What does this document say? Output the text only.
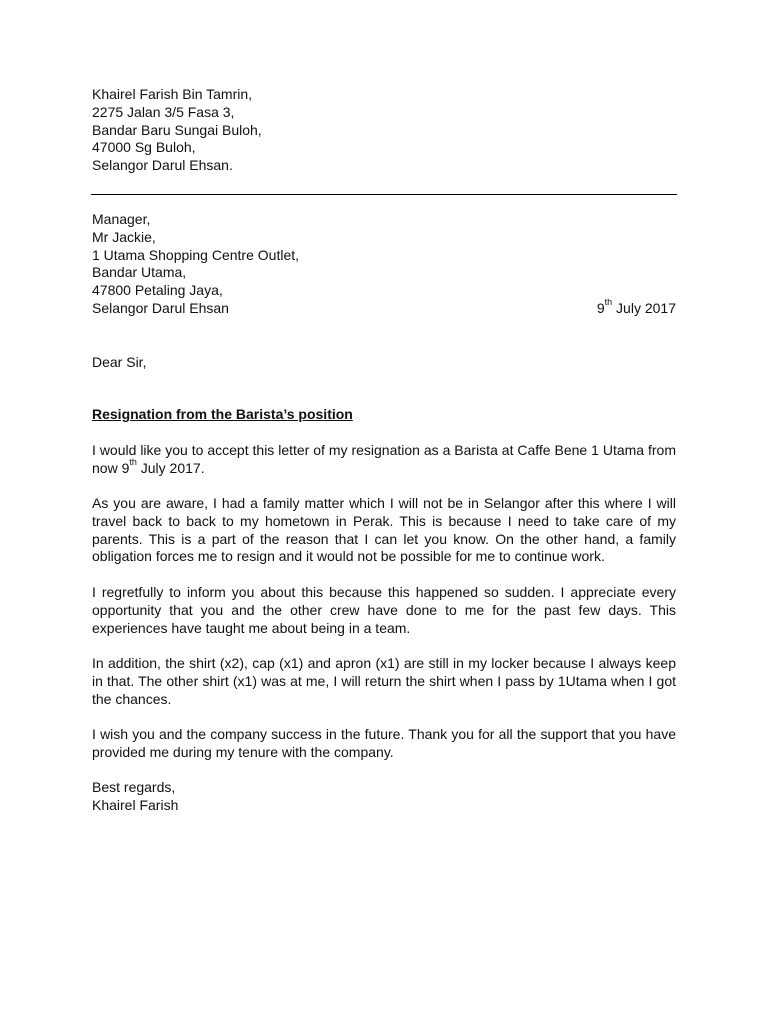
Khairel Farish Bin Tamrin,
2275 Jalan 3/5 Fasa 3,
Bandar Baru Sungai Buloh,
47000 Sg Buloh,
Selangor Darul Ehsan.
Manager,
Mr Jackie,
1 Utama Shopping Centre Outlet,
Bandar Utama,
47800 Petaling Jaya,
Selangor Darul Ehsan	9th July 2017
Dear Sir,
Resignation from the Barista’s position
I would like you to accept this letter of my resignation as a Barista at Caffe Bene 1 Utama from now 9th July 2017.
As you are aware, I had a family matter which I will not be in Selangor after this where I will travel back to back to my hometown in Perak. This is because I need to take care of my parents. This is a part of the reason that I can let you know. On the other hand, a family obligation forces me to resign and it would not be possible for me to continue work.
I regretfully to inform you about this because this happened so sudden. I appreciate every opportunity that you and the other crew have done to me for the past few days. This experiences have taught me about being in a team.
In addition, the shirt (x2), cap (x1) and apron (x1) are still in my locker because I always keep in that. The other shirt (x1) was at me, I will return the shirt when I pass by 1Utama when I got the chances.
I wish you and the company success in the future. Thank you for all the support that you have provided me during my tenure with the company.
Best regards,
Khairel Farish
